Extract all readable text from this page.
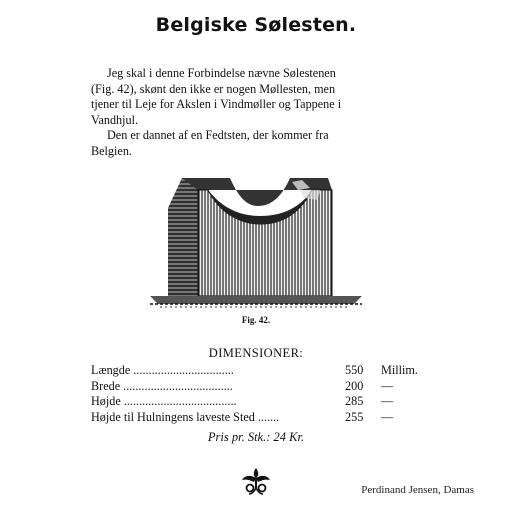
Belgiske Sølesten.
Jeg skal i denne Forbindelse nævne Sølestenen
(Fig. 42), skønt den ikke er nogen Møllesten, men
tjener til Leje for Akslen i Vindmøller og Tappene i
Vandhjul.
Den er dannet af en Fedtsten, der kommer fra
Belgien.
Fig. 42.
DIMENSIONER:
Længde .................................	550 Millim.
Brede ....................................	200 —
Højde .....................................	285 —
Højde til Hulningens laveste Sted .......	255 —
Pris pr. Stk.: 24 Kr.
Perdinand Jensen, Damas
